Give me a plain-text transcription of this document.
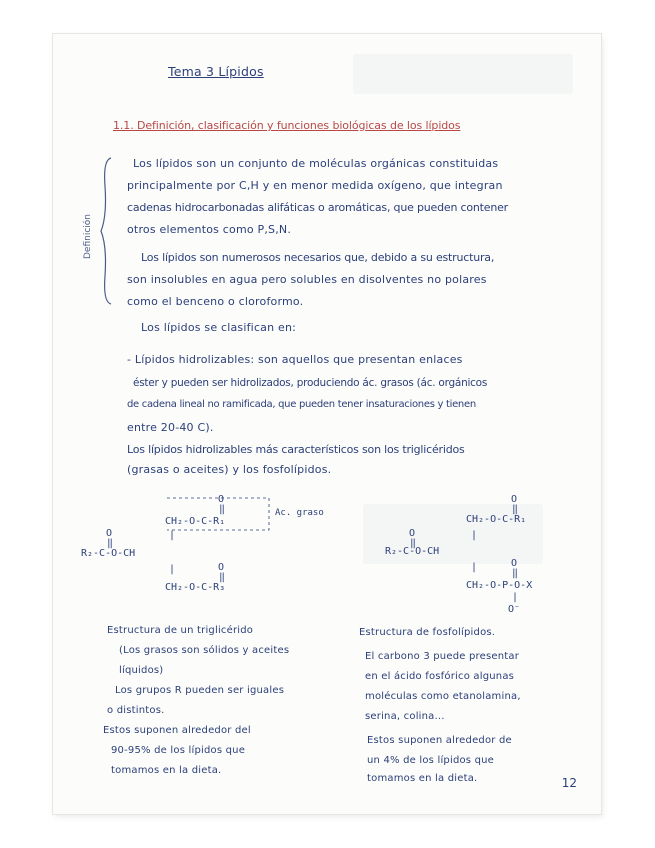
Tema 3 Lípidos
1.1. Definición, clasificación y funciones biológicas de los lípidos
Definición
Los lípidos son un conjunto de moléculas orgánicas constituidas
principalmente por C,H y en menor medida oxígeno, que integran
cadenas hidrocarbonadas alifáticas o aromáticas, que pueden contener
otros elementos como P,S,N.
Los lípidos son numerosos necesarios que, debido a su estructura,
son insolubles en agua pero solubles en disolventes no polares
como el benceno o cloroformo.
Los lípidos se clasifican en:
- Lípidos hidrolizables: son aquellos que presentan enlaces
éster y pueden ser hidrolizados, produciendo ác. grasos (ác. orgánicos
de cadena lineal no ramificada, que pueden tener insaturaciones y tienen
entre 20-40 C).
Los lípidos hidrolizables más característicos son los triglicéridos
(grasas o aceites) y los fosfolípidos.
O
‖
CH₂-O-C-R₁
Ac. graso
O
‖
|
R₂-C-O-CH
|	O
‖
CH₂-O-C-R₃
O
‖
CH₂-O-C-R₁
O
‖
|
R₂-C-O-CH
|	O
‖
CH₂-O-P-O-X
|
O⁻
Estructura de un triglicérido
(Los grasos son sólidos y aceites
líquidos)
Los grupos R pueden ser iguales
o distintos.
Estos suponen alrededor del
90-95% de los lípidos que
tomamos en la dieta.
Estructura de fosfolípidos.
El carbono 3 puede presentar
en el ácido fosfórico algunas
moléculas como etanolamina,
serina, colina...
Estos suponen alrededor de
un 4% de los lípidos que
tomamos en la dieta.	12
